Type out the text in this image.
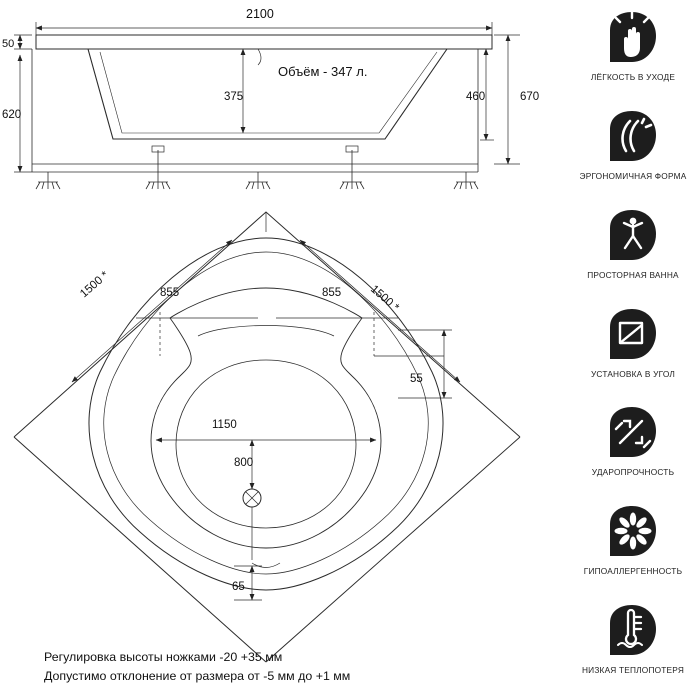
2100
50
620
375	460	670
Объём - 347 л.
1500 *	1500 *
855	855
55
1150
800
65
Регулировка высоты ножками -20 +35 мм
Допустимо отклонение от размера от -5 мм до +1 мм
ЛЁГКОСТЬ В УХОДЕ
ЭРГОНОМИЧНАЯ ФОРМА
ПРОСТОРНАЯ ВАННА
УСТАНОВКА В УГОЛ
УДАРОПРОЧНОСТЬ
ГИПОАЛЛЕРГЕННОСТЬ
НИЗКАЯ ТЕПЛОПОТЕРЯ
